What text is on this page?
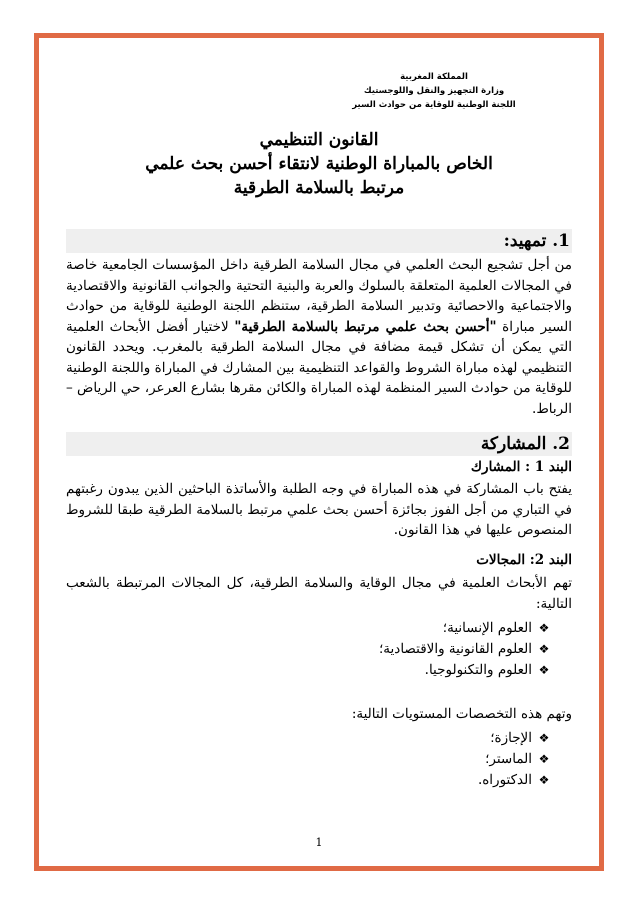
المملكة المغربية
وزارة التجهيز والنقل واللوجستيك
اللجنة الوطنية للوقاية من حوادث السير
القانون التنظيمي
الخاص بالمباراة الوطنية لانتقاء أحسن بحث علمي
مرتبط بالسلامة الطرقية
1. تمهيد:
من أجل تشجيع البحث العلمي في مجال السلامة الطرقية داخل المؤسسات الجامعية خاصة في المجالات العلمية المتعلقة بالسلوك والعربة والبنية التحتية والجوانب القانونية والاقتصادية والاجتماعية والاحصائية وتدبير السلامة الطرقية، ستنظم اللجنة الوطنية للوقاية من حوادث السير مباراة "أحسن بحث علمي مرتبط بالسلامة الطرقية" لاختيار أفضل الأبحاث العلمية التي يمكن أن تشكل قيمة مضافة في مجال السلامة الطرقية بالمغرب. ويحدد القانون التنظيمي لهذه مباراة الشروط والقواعد التنظيمية بين المشارك في المباراة واللجنة الوطنية للوقاية من حوادث السير المنظمة لهذه المباراة والكائن مقرها بشارع العرعر، حي الرياض – الرباط.
2. المشاركة
البند 1 : المشارك
يفتح باب المشاركة في هذه المباراة في وجه الطلبة والأساتذة الباحثين الذين يبدون رغبتهم في التباري من أجل الفوز بجائزة أحسن بحث علمي مرتبط بالسلامة الطرقية طبقا للشروط المنصوص عليها في هذا القانون.
البند 2: المجالات
تهم الأبحاث العلمية في مجال الوقاية والسلامة الطرقية، كل المجالات المرتبطة بالشعب التالية:
❖
العلوم الإنسانية؛
❖
العلوم القانونية والاقتصادية؛
❖
العلوم والتكنولوجيا.
وتهم هذه التخصصات المستويات التالية:
❖
الإجازة؛
❖
الماستر؛
❖
الدكتوراه.
1
